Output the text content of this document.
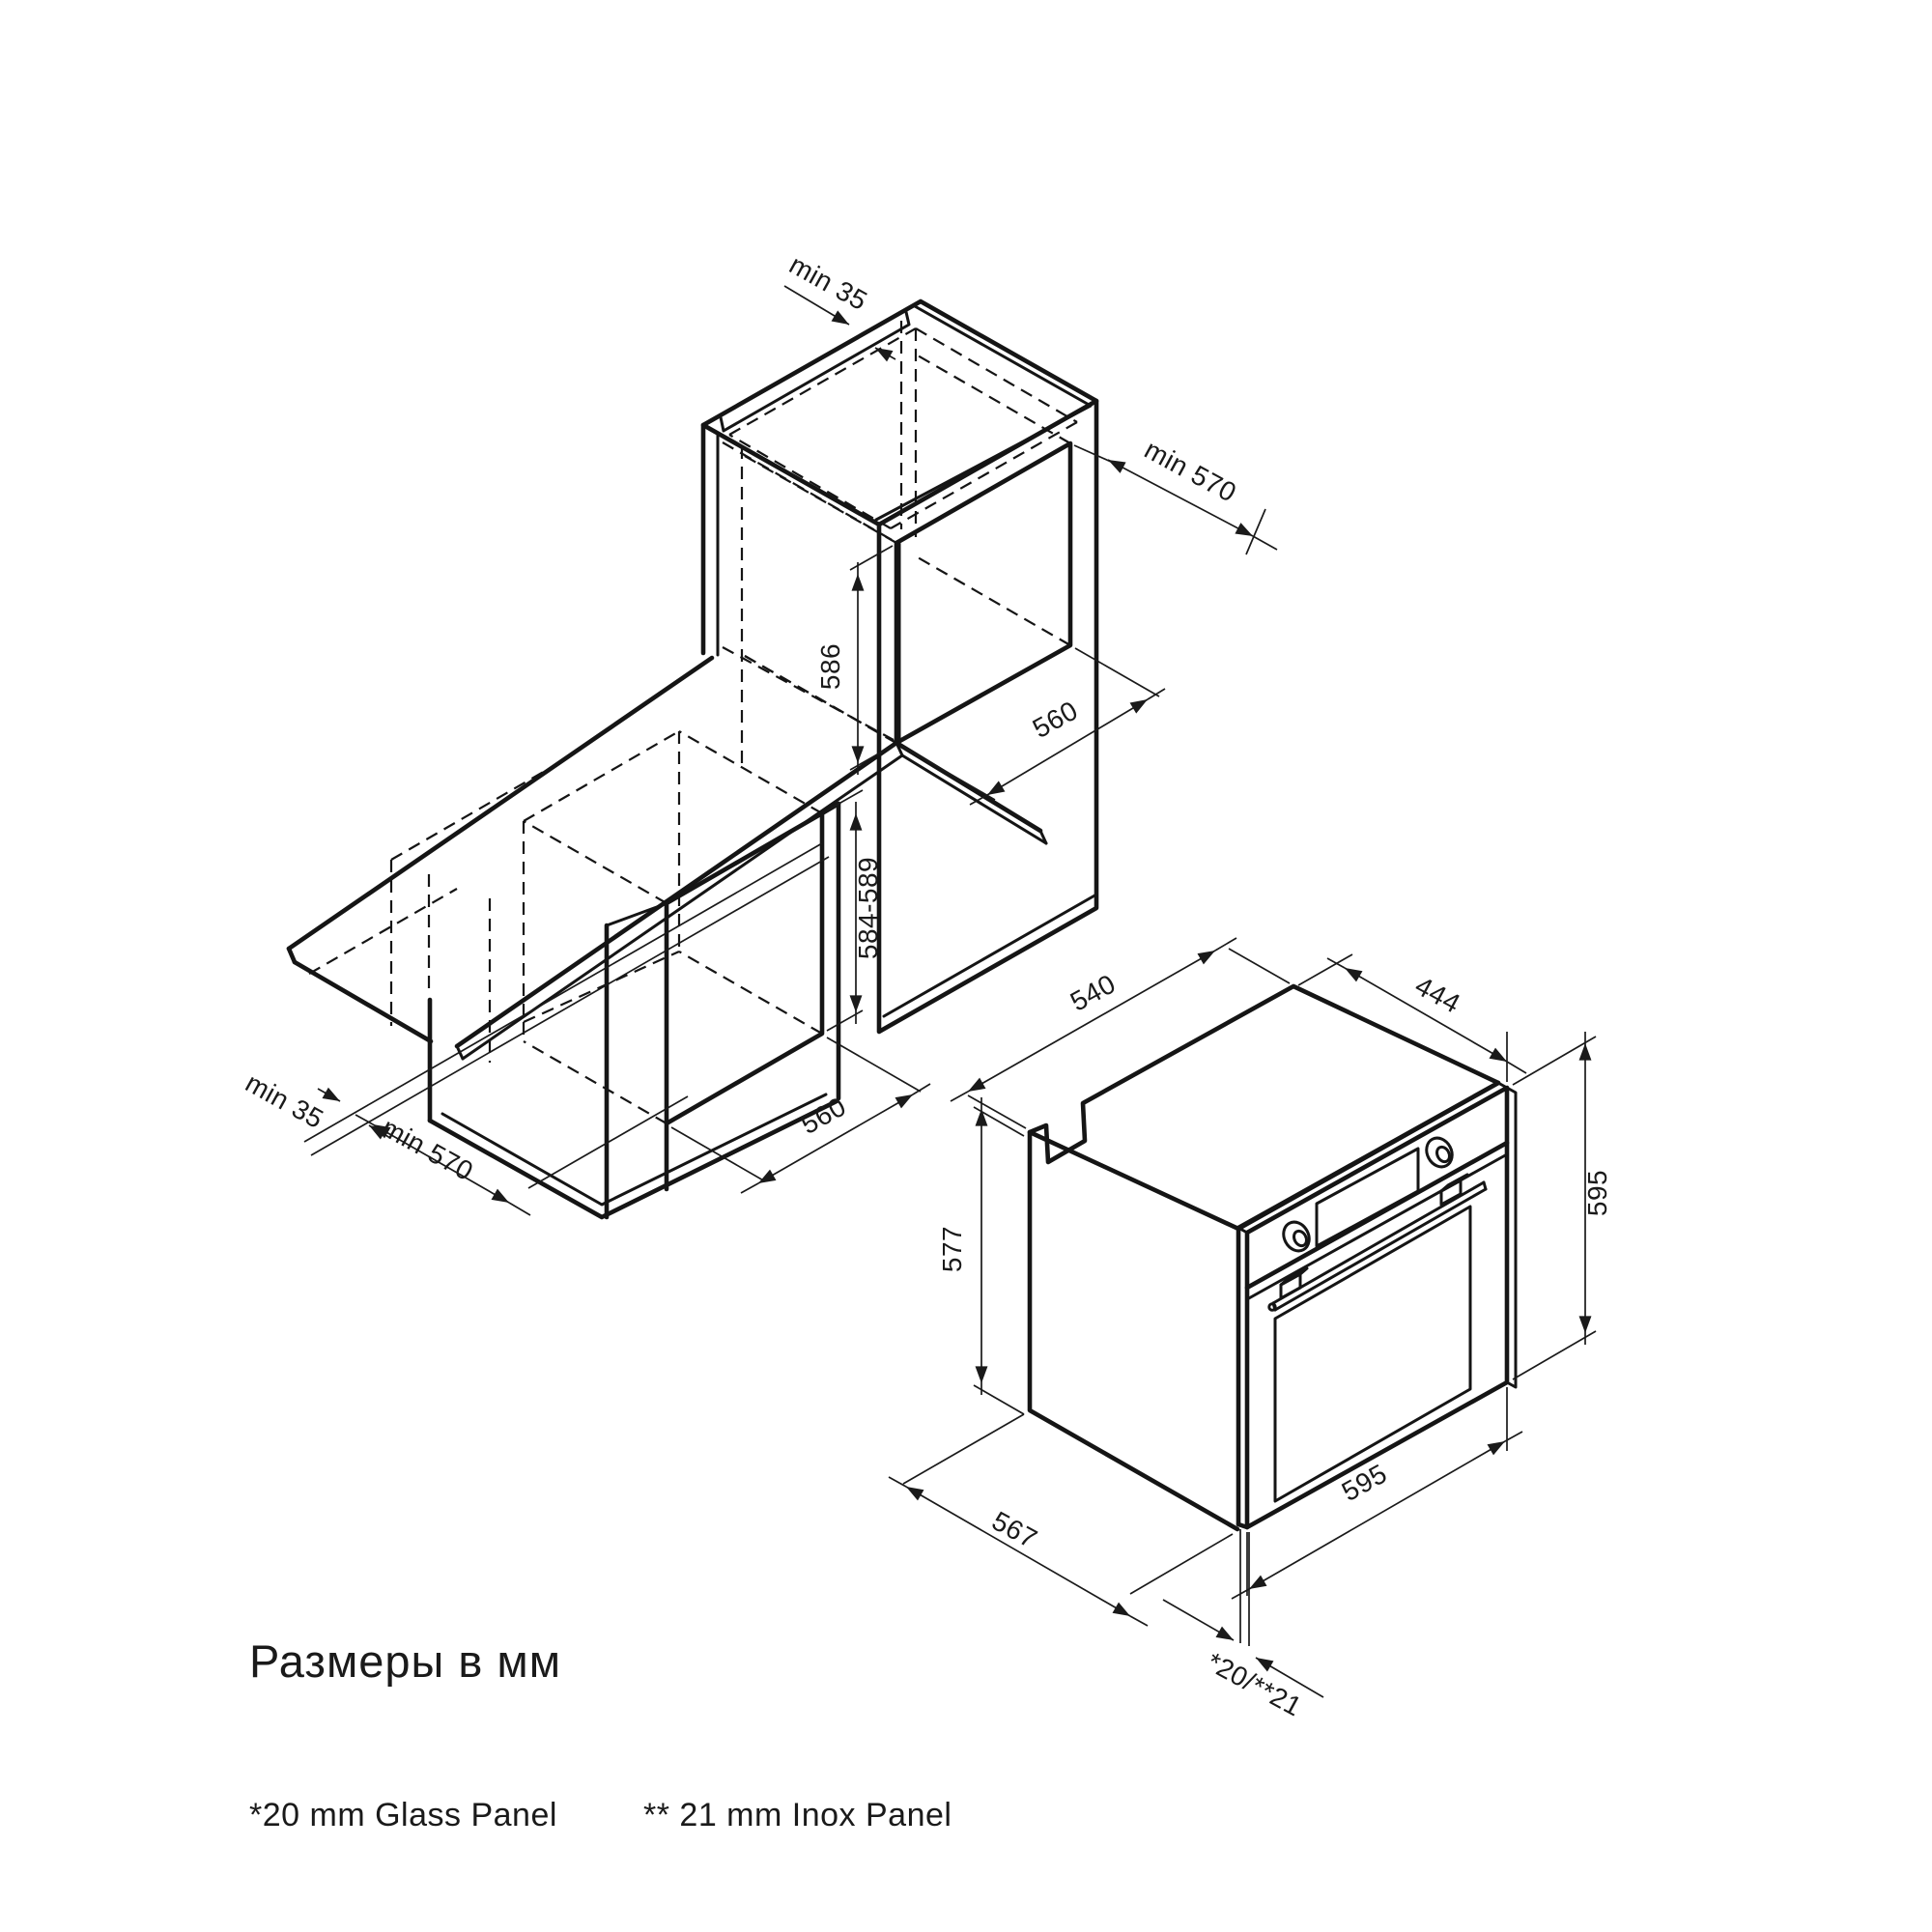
min 35
min 570
586
560
584-589
560
min 35
min 570
540	444
595
577
567
595
*20/**21
Размеры в мм
*20 mm Glass Panel	** 21 mm Inox Panel
